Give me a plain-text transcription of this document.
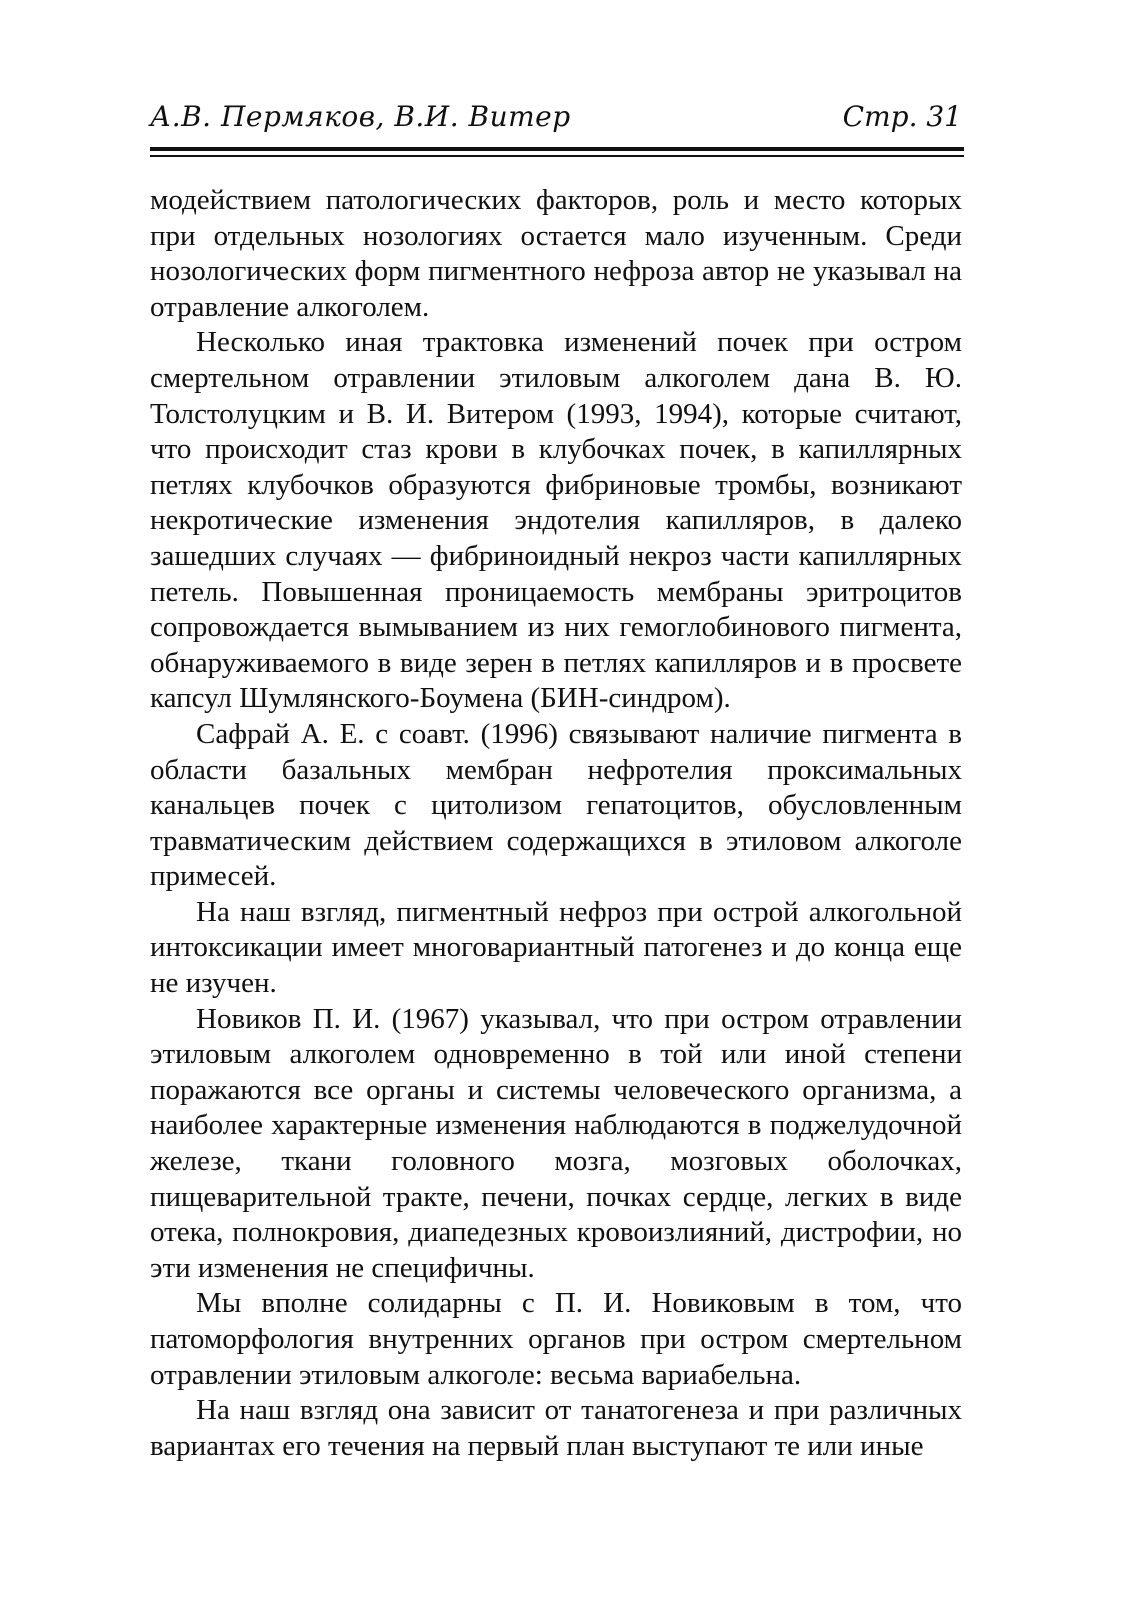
А.В. Пермяков, В.И. Витер	Стр. 31

модействием патологических факторов, роль и место которых при отдельных нозологиях остается мало изученным. Среди нозологических форм пигментного нефроза автор не указывал на отравление алкоголем.

Несколько иная трактовка изменений почек при остром смертельном отравлении этиловым алкоголем дана В. Ю. Толстолуцким и В. И. Витером (1993, 1994), которые считают, что происходит стаз крови в клубочках почек, в капиллярных петлях клубочков образуются фибриновые тромбы, возникают некротические изменения эндотелия капилляров, в далеко зашедших случаях — фибриноидный некроз части капиллярных петель. Повышенная проницаемость мембраны эритроцитов сопровождается вымыванием из них гемоглобинового пигмента, обнаруживаемого в виде зерен в петлях капилляров и в просвете капсул Шумлянского-Боумена (БИН-синдром).

Сафрай А. Е. с соавт. (1996) связывают наличие пигмента в области базальных мембран нефротелия проксимальных канальцев почек с цитолизом гепатоцитов, обусловленным травматическим действием содержащихся в этиловом алкоголе примесей.

На наш взгляд, пигментный нефроз при острой алкогольной интоксикации имеет многовариантный патогенез и до конца еще не изучен.

Новиков П. И. (1967) указывал, что при остром отравлении этиловым алкоголем одновременно в той или иной степени поражаются все органы и системы человеческого организма, а наиболее характерные изменения наблюдаются в поджелудочной железе, ткани головного мозга, мозговых оболочках, пищеварительной тракте, печени, почках сердце, легких в виде отека, полнокровия, диапедезных кровоизлияний, дистрофии, но эти изменения не специфичны.

Мы вполне солидарны с П. И. Новиковым в том, что патоморфология внутренних органов при остром смертельном отравлении этиловым алкоголе: весьма вариабельна.

На наш взгляд она зависит от танатогенеза и при различных вариантах его течения на первый план выступают те или иные
